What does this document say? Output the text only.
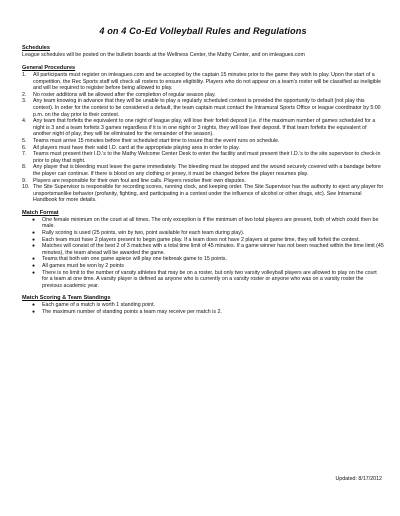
4 on 4 Co-Ed Volleyball Rules and Regulations
Schedules

League schedules will be posted on the bulletin boards at the Wellness Center, the Mathy Center, and on imleagues.com

General Procedures
1.	All participants must register on imleagues.com and be accepted by the captain 15 minutes prior to the game they wish to play. Upon the start of a competition, the Rec Sports staff will check all rosters to ensure eligibility. Players who do not appear on a team’s roster will be classified as ineligible and will be required to register before being allowed to play.
2.	No roster additions will be allowed after the completion of regular season play.
3.	Any team knowing in advance that they will be unable to play a regularly scheduled contest is provided the opportunity to default (not play this contest). In order for the contest to be considered a default, the team captain must contact the Intramural Sports Office or league coordinator by 5:00 p.m. on the day prior to their contest.
4.	Any team that forfeits the equivalent to one night of league play, will lose their forfeit deposit (i.e. if the maximum number of games scheduled for a night is 3 and a team forfeits 3 games regardless if it is in one night or 3 nights, they will lose their deposit. If that team forfeits the equivalent of another night of play, they will be eliminated for the remainder of the season).
5.	Teams must arrive 15 minutes before their scheduled start time to insure that the event runs on schedule.
6.	All players must have their valid I.D. card at the appropriate playing area in order to play.
7.	Teams must present their I.D.’s to the Mathy Welcome Center Desk to enter the facility and must present their I.D.’s to the site supervisor to check-in prior to play that night.
8.	Any player that is bleeding must leave the game immediately. The bleeding must be stopped and the wound securely covered with a bandage before the player can continue. If there is blood on any clothing or jersey, it must be changed before the player resumes play.
9.	Players are responsible for their own foul and line calls. Players resolve their own disputes.
10. The Site Supervisor is responsible for recording scores, running clock, and keeping order. The Site Supervisor has the authority to eject any player for unsportsmanlike behavior (profanity, fighting, and participating in a contest under the influence of alcohol or other drugs, etc). See Intramural Handbook for more details.
Match Format
● One female minimum on the court at all times. The only exception is if the minimum of two total players are present, both of which could then be male.
● Rally scoring is used (25 points, win by two, point available for each team during play).
● Each team must have 2 players present to begin game play. If a team does not have 2 players at game time, they will forfeit the contest.
● Matches will consist of the best 2 of 3 matches with a total time limit of 45 minutes. If a game winner has not been reached within the time limit (45 minutes), the team ahead will be awarded the game.
● Teams that both win one game apiece will play one tiebreak game to 15 points.
● All games must be won by 2 points
● There is no limit to the number of varsity athletes that may be on a roster, but only two varsity volleyball players are allowed to play on the court for a team at one time. A varsity player is defined as anyone who is currently on a varsity roster or anyone who was on a varsity roster the previous academic year.
Match Scoring & Team Standings
● Each game of a match is worth 1 standing point.
● The maximum number of standing points a team may receive per match is 2.
Updated: 8/17/2012
